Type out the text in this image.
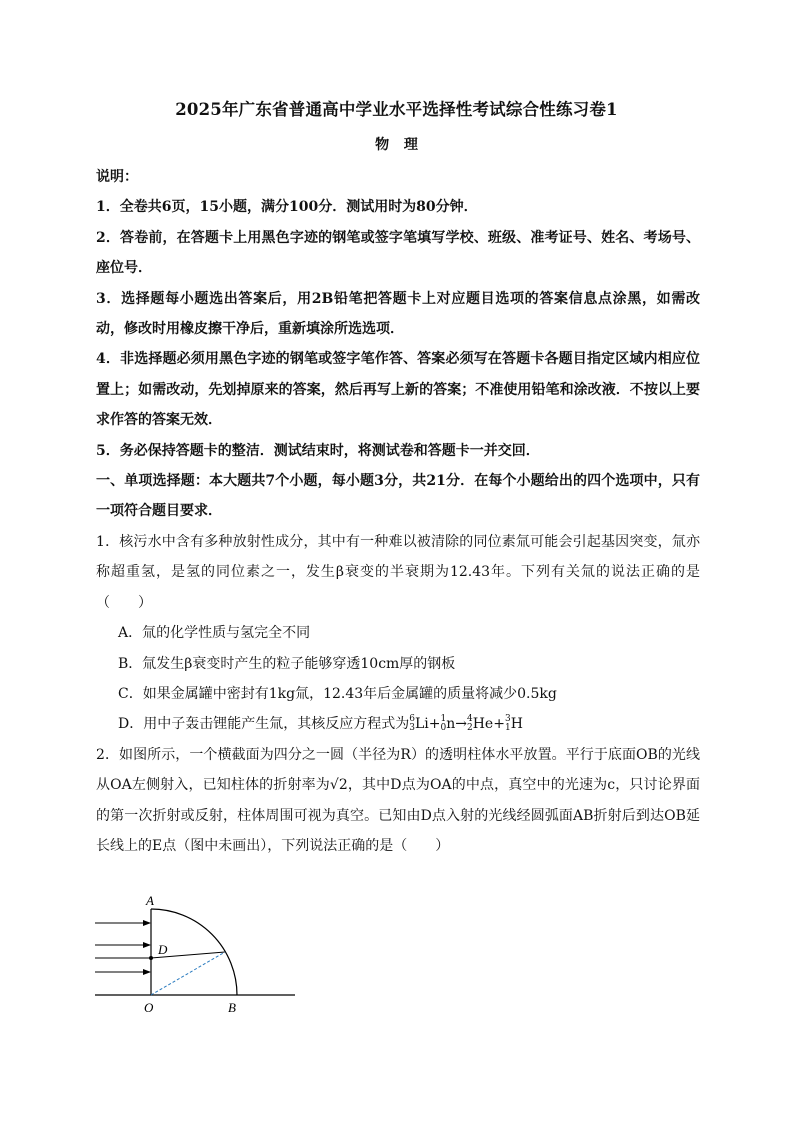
2025年广东省普通高中学业水平选择性考试综合性练习卷1
物 理

说明：

1．全卷共6页，15小题，满分100分．测试用时为80分钟．

2．答卷前，在答题卡上用黑色字迹的钢笔或签字笔填写学校、班级、准考证号、姓名、考场号、座位号．

3．选择题每小题选出答案后，用2B铅笔把答题卡上对应题目选项的答案信息点涂黑，如需改动，修改时用橡皮擦干净后，重新填涂所选选项．

4．非选择题必须用黑色字迹的钢笔或签字笔作答、答案必须写在答题卡各题目指定区域内相应位置上；如需改动，先划掉原来的答案，然后再写上新的答案；不准使用铅笔和涂改液．不按以上要求作答的答案无效．

5．务必保持答题卡的整洁．测试结束时，将测试卷和答题卡一并交回．

一、单项选择题：本大题共7个小题，每小题3分，共21分．在每个小题给出的四个选项中，只有一项符合题目要求．

1．核污水中含有多种放射性成分，其中有一种难以被清除的同位素氚可能会引起基因突变，氚亦称超重氢，是氢的同位素之一，发生β衰变的半衰期为12.43年。下列有关氚的说法正确的是（　　）

A．氚的化学性质与氢完全不同

B．氚发生β衰变时产生的粒子能够穿透10cm厚的钢板

C．如果金属罐中密封有1kg氚，12.43年后金属罐的质量将减少0.5kg

D．用中子轰击锂能产生氚，其核反应方程式为6
3Li+1
0n→4
2He+3
1H

2．如图所示，一个横截面为四分之一圆（半径为R）的透明柱体水平放置。平行于底面OB的光线从OA左侧射入，已知柱体的折射率为√2，其中D点为OA的中点，真空中的光速为c，只讨论界面的第一次折射或反射，柱体周围可视为真空。已知由D点入射的光线经圆弧面AB折射后到达OB延长线上的E点（图中未画出），下列说法正确的是（　　）

A
D
O	B
